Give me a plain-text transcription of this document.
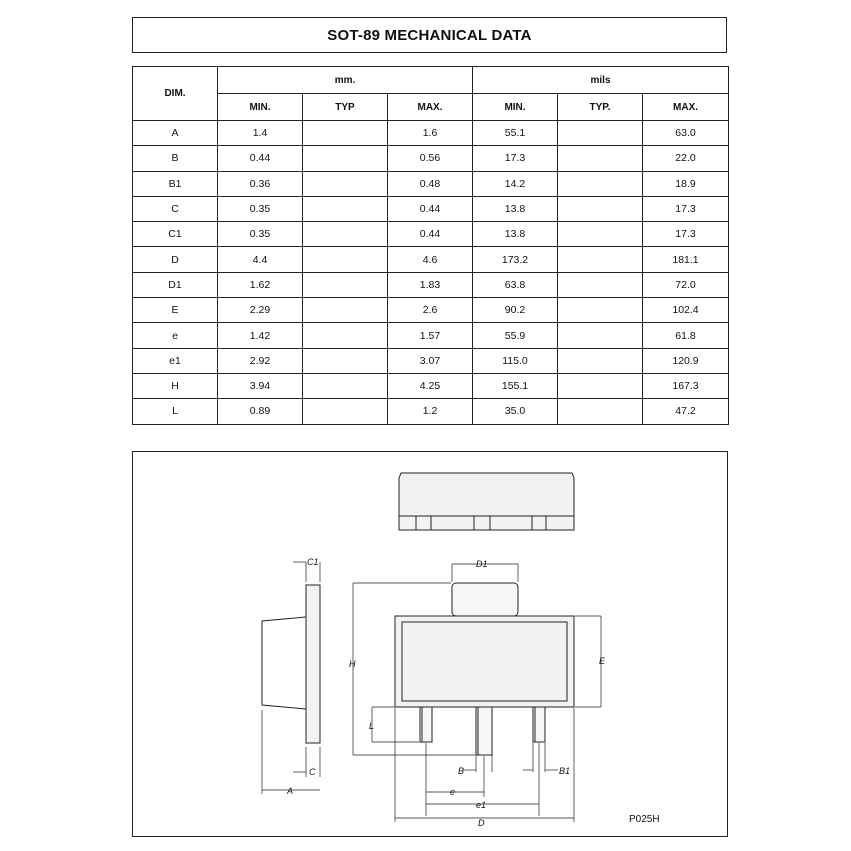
SOT-89 MECHANICAL DATA
DIM.	mm.			mils		
	MIN.	TYP	MAX.	MIN.	TYP.	MAX.
A	1.4		1.6	55.1		63.0
B	0.44		0.56	17.3		22.0
B1	0.36		0.48	14.2		18.9
C	0.35		0.44	13.8		17.3
C1	0.35		0.44	13.8		17.3
D	4.4		4.6	173.2		181.1
D1	1.62		1.83	63.8		72.0
E	2.29		2.6	90.2		102.4
e	1.42		1.57	55.9		61.8
e1	2.92		3.07	115.0		120.9
H	3.94		4.25	155.1		167.3
L	0.89		1.2	35.0		47.2
C1
C
A
H
L
D1
E
B	B1
e
e1
D	P025H
